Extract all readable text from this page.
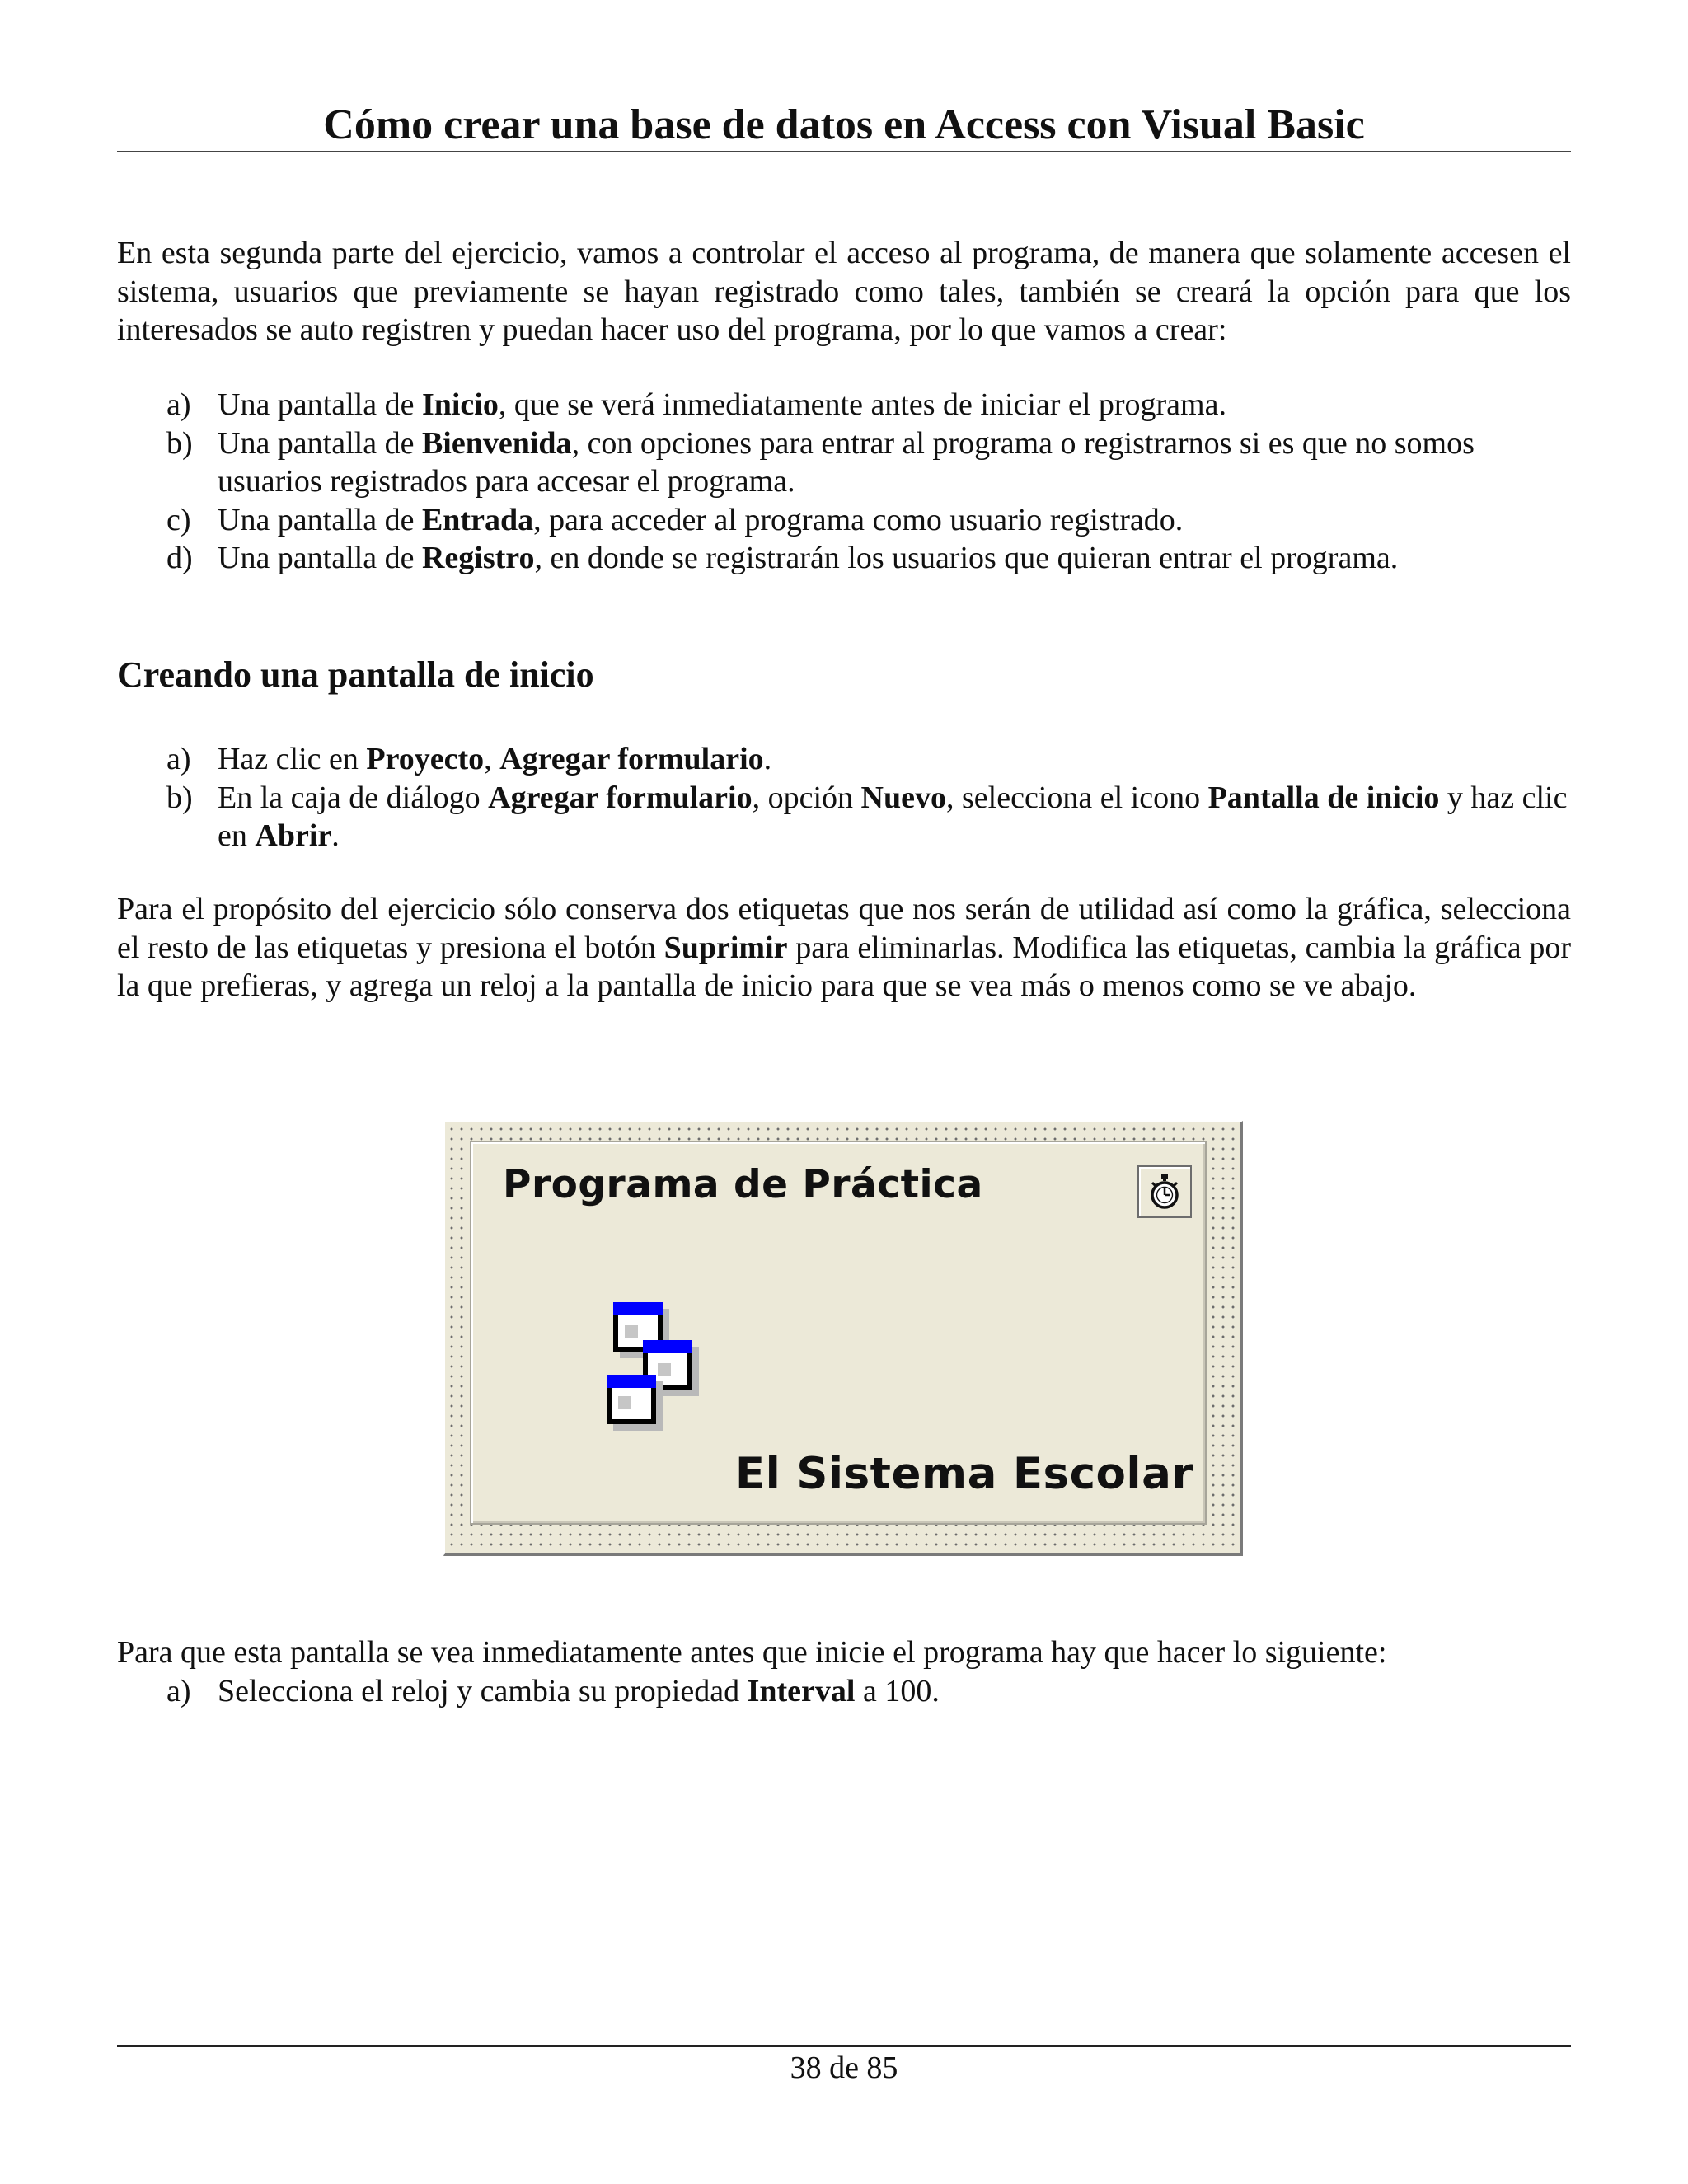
Cómo crear una base de datos en Access con Visual Basic

En esta segunda parte del ejercicio, vamos a controlar el acceso al programa, de manera que solamente accesen el sistema, usuarios que previamente se hayan registrado como tales, también se creará la opción para que los interesados se auto registren y puedan hacer uso del programa, por lo que vamos a crear:

a) Una pantalla de Inicio, que se verá inmediatamente antes de iniciar el programa.
b) Una pantalla de Bienvenida, con opciones para entrar al programa o registrarnos si es que no somos usuarios registrados para accesar el programa.
c) Una pantalla de Entrada, para acceder al programa como usuario registrado.
d) Una pantalla de Registro, en donde se registrarán los usuarios que quieran entrar el programa.
Creando una pantalla de inicio
a) Haz clic en Proyecto, Agregar formulario.
b) En la caja de diálogo Agregar formulario, opción Nuevo, selecciona el icono Pantalla de inicio y haz clic en Abrir.

Para el propósito del ejercicio sólo conserva dos etiquetas que nos serán de utilidad así como la gráfica, selecciona el resto de las etiquetas y presiona el botón Suprimir para eliminarlas. Modifica las etiquetas, cambia la gráfica por la que prefieras, y agrega un reloj a la pantalla de inicio para que se vea más o menos como se ve abajo.

Programa de Práctica
El Sistema Escolar

Para que esta pantalla se vea inmediatamente antes que inicie el programa hay que hacer lo siguiente:

a) Selecciona el reloj y cambia su propiedad Interval a 100.

38 de 85
